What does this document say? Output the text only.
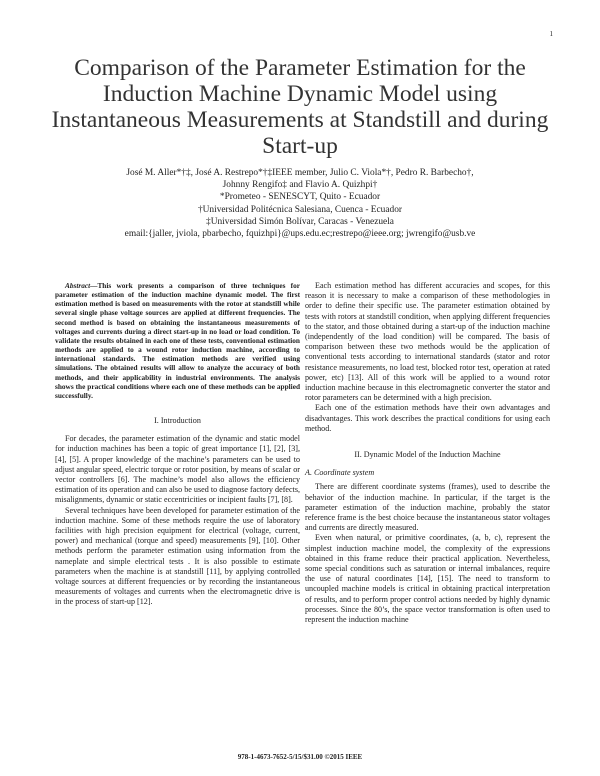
1
Comparison of the Parameter Estimation for the Induction Machine Dynamic Model using Instantaneous Measurements at Standstill and during Start-up
José M. Aller*†‡, José A. Restrepo*†‡IEEE member, Julio C. Viola*†, Pedro R. Barbecho†,
Johnny Rengifo‡ and Flavio A. Quizhpi†
*Prometeo - SENESCYT, Quito - Ecuador
†Universidad Politécnica Salesiana, Cuenca - Ecuador
‡Universidad Simón Bolívar, Caracas - Venezuela
email:{jaller, jviola, pbarbecho, fquizhpi}@ups.edu.ec;restrepo@ieee.org; jwrengifo@usb.ve

Abstract—This work presents a comparison of three techniques for parameter estimation of the induction machine dynamic model. The first estimation method is based on measurements with the rotor at standstill while several single phase voltage sources are applied at different frequencies. The second method is based on obtaining the instantaneous measurements of voltages and currents during a direct start-up in no load or load condition. To validate the results obtained in each one of these tests, conventional estimation methods are applied to a wound rotor induction machine, according to international standards. The estimation methods are verified using simulations. The obtained results will allow to analyze the accuracy of both methods, and their applicability in industrial environments. The analysis shows the practical conditions where each one of these methods can be applied successfully.

I. Introduction

For decades, the parameter estimation of the dynamic and static model for induction machines has been a topic of great importance [1], [2], [3], [4], [5]. A proper knowledge of the machine’s parameters can be used to adjust angular speed, electric torque or rotor position, by means of scalar or vector controllers [6]. The machine’s model also allows the efficiency estimation of its operation and can also be used to diagnose factory defects, misalignments, dynamic or static eccentricities or incipient faults [7], [8].

Several techniques have been developed for parameter estimation of the induction machine. Some of these methods require the use of laboratory facilities with high precision equipment for electrical (voltage, current, power) and mechanical (torque and speed) measurements [9], [10]. Other methods perform the parameter estimation using information from the nameplate and simple electrical tests . It is also possible to estimate parameters when the machine is at standstill [11], by applying controlled voltage sources at different frequencies or by recording the instantaneous measurements of voltages and currents when the electromagnetic drive is in the process of start-up [12].

Each estimation method has different accuracies and scopes, for this reason it is necessary to make a comparison of these methodologies in order to define their specific use. The parameter estimation obtained by tests with rotors at standstill condition, when applying different frequencies to the stator, and those obtained during a start-up of the induction machine (independently of the load condition) will be compared. The basis of comparison between these two methods would be the application of conventional tests according to international standards (stator and rotor resistance measurements, no load test, blocked rotor test, operation at rated power, etc) [13]. All of this work will be applied to a wound rotor induction machine because in this electromagnetic converter the stator and rotor parameters can be determined with a high precision.

Each one of the estimation methods have their own advantages and disadvantages. This work describes the practical conditions for using each method.

II. Dynamic Model of the Induction Machine
A. Coordinate system

There are different coordinate systems (frames), used to describe the behavior of the induction machine. In particular, if the target is the parameter estimation of the induction machine, probably the stator reference frame is the best choice because the instantaneous stator voltages and currents are directly measured.

Even when natural, or primitive coordinates, (a, b, c), represent the simplest induction machine model, the complexity of the expressions obtained in this frame reduce their practical application. Nevertheless, some special conditions such as saturation or internal imbalances, require the use of natural coordinates [14], [15]. The need to transform to uncoupled machine models is critical in obtaining practical interpretation of results, and to perform proper control actions needed by highly dynamic processes. Since the 80’s, the space vector transformation is often used to represent the induction machine

978-1-4673-7652-5/15/$31.00 ©2015 IEEE
